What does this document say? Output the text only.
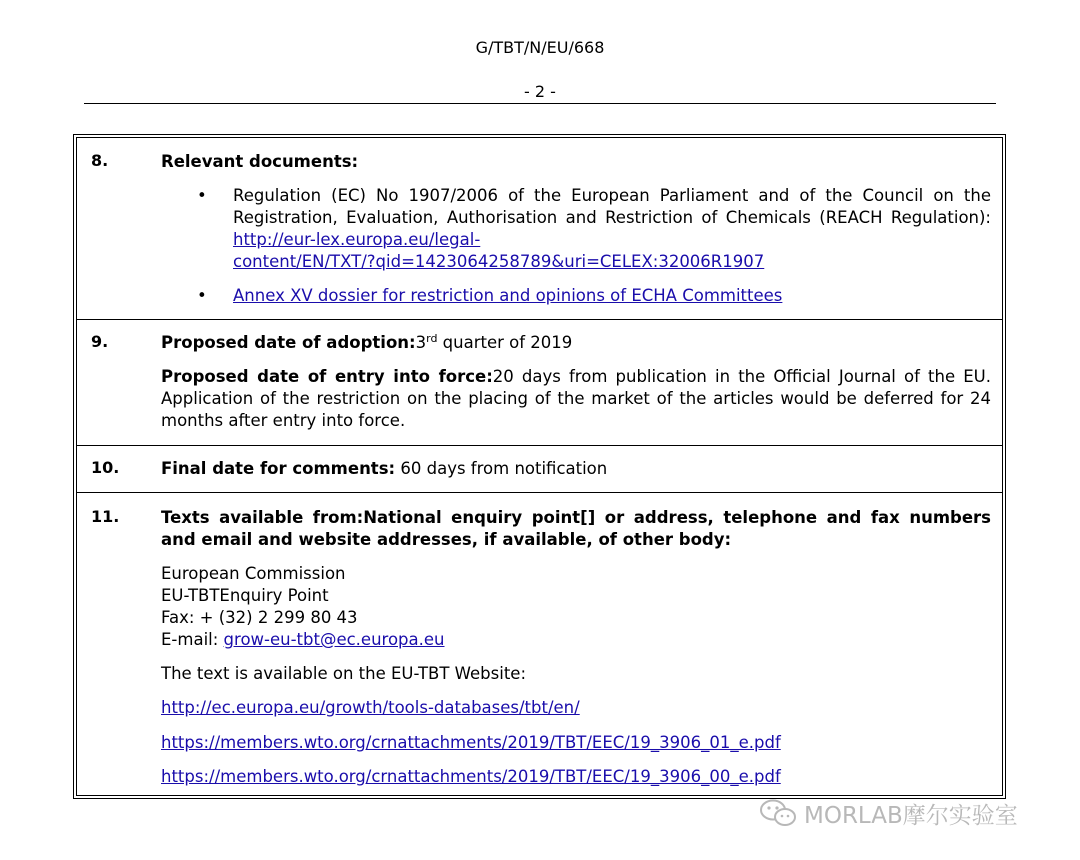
G/TBT/N/EU/668
- 2 -
8.	Relevant documents:
• Regulation (EC) No 1907/2006 of the European Parliament and of the Council on the Registration, Evaluation, Authorisation and Restriction of Chemicals (REACH Regulation): http://eur-lex.europa.eu/legal-
content/EN/TXT/?qid=1423064258789&uri=CELEX:32006R1907
• Annex XV dossier for restriction and opinions of ECHA Committees
9.	Proposed date of adoption:3rd quarter of 2019
Proposed date of entry into force:20 days from publication in the Official Journal of the EU. Application of the restriction on the placing of the market of the articles would be deferred for 24 months after entry into force.
10.	Final date for comments: 60 days from notification
11.	Texts available from:National enquiry point[] or address, telephone and fax numbers and email and website addresses, if available, of other body:
European Commission
EU-TBTEnquiry Point
Fax: + (32) 2 299 80 43
E-mail: grow-eu-tbt@ec.europa.eu
The text is available on the EU-TBT Website:
http://ec.europa.eu/growth/tools-databases/tbt/en/
https://members.wto.org/crnattachments/2019/TBT/EEC/19_3906_01_e.pdf
https://members.wto.org/crnattachments/2019/TBT/EEC/19_3906_00_e.pdf
MORLAB摩尔实验室
